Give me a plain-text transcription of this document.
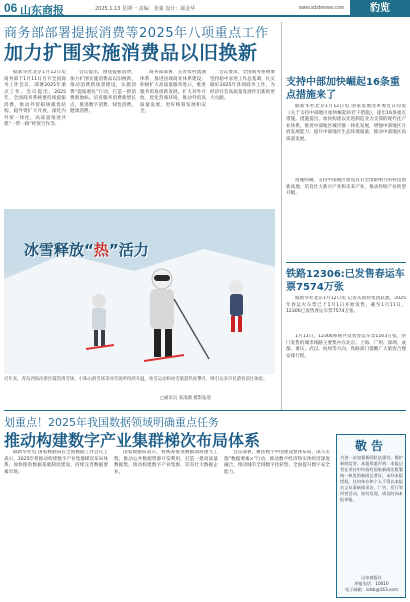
06 山东商报	2025.1.13 星期一 责编：张强 设计：郝金华	www.sdsbnews.com	豹览
商务部部署提振消费等2025年八项重点工作
加力扩围实施消费品以旧换新

据新华社北京1月12日电 商务部于1月11日召开全国商务工作会议，部署2025年重点工作。会议提出，2025年，全国商务系统要持续提振消费，推动外贸稳规模优结构，稳外资扩大开放，深化内外贸一体化，高质量推进共建“一带一路”经贸合作等。

会议提出，围绕提振消费，加力扩围实施消费品以旧换新，推动消费新场景建设，实施消费“提质惠民”行动，打造一批消费新地标。培育服务消费新增长点，推进数字消费、绿色消费、健康消费。

商务部部署，完善农村流通体系，推进县域商业体系建设；积极扩大高质量服务进口，推进服务贸易创新发展。扩大对外开放，优化营商环境，推动外贸高质量发展，更好统筹发展和安全。

会议要求，全国商务系统要坚持稳中求进工作总基调，扎实做好2025年各项商务工作，为经济社会高质量发展作出新的更大贡献。

冰雪释放“热”活力
近年来，青岛西海岸新区霞馆滑雪场、小珠山滑雪场等冰雪场所持续升温，冰雪运动和冰雪旅游热度攀升，吸引众多市民游客前往体验。
□通讯员 张凌湖 摄影报道
支持中部加快崛起16条重点措施来了

据新华社北京1月12日电 国家发展改革委近日印发《关于支持中部地区加快崛起的若干措施》，提出16条重点措施。措施提出，加快构建以先进制造业为支撑的现代化产业体系，推进中部地区城市群一体化发展，增强中部地区开放发展能力，提升中部地区生态环境质量，推动中部地区高质量发展。

措施明确，支持中部地区建设具有全国影响力的科技创新高地，培育壮大新兴产业和未来产业，推动传统产业转型升级。

铁路12306:已发售春运车票7574万张

据新华社北京1月12日电 记者从国铁集团获悉，2025年春运火车票已于1月1日开始发售，截至1月11日，12306已发售春运车票7574万张。

1月11日，12306系统共发售春运车票1163万张。热门发售的城市线路主要集中在北京、上海、广州、深圳、成都、重庆、武汉、杭州等方向，铁路部门提醒广大旅客合理安排行程。

划重点！2025年我国数据领域明确重点任务
推动构建数字产业集群梯次布局体系

据新华社电 国家数据局在全国数据工作会议上表示，2025年将推动构建数字产业集群梯次布局体系，加快推进数据基础制度建设，持续完善数据要素市场。

国家数据局表示，将统筹推进数据领域重大工程，推动公共数据资源开发利用，打造一批高质量数据集。推动构建数字产业集群，培育壮大数据企业。

会议部署，聚焦数字中国建设整体布局，深入实施“数据要素×”行动，推动数字经济和实体经济深度融合，推动城市全域数字化转型，全面提升数字安全能力。

敬告
为进一步加强新闻队伍建设，维护新闻信誉，本报郑重声明：本报记者在采访中均持有国家新闻出版署统一核发的新闻记者证，未经本报授权，任何单位和个人不得以本报名义从事新闻采访、广告、发行等经营活动。如有发现，请及时向本报举报。
山东商报社
举报电话：10010
电子邮箱：sdsb@163.com
